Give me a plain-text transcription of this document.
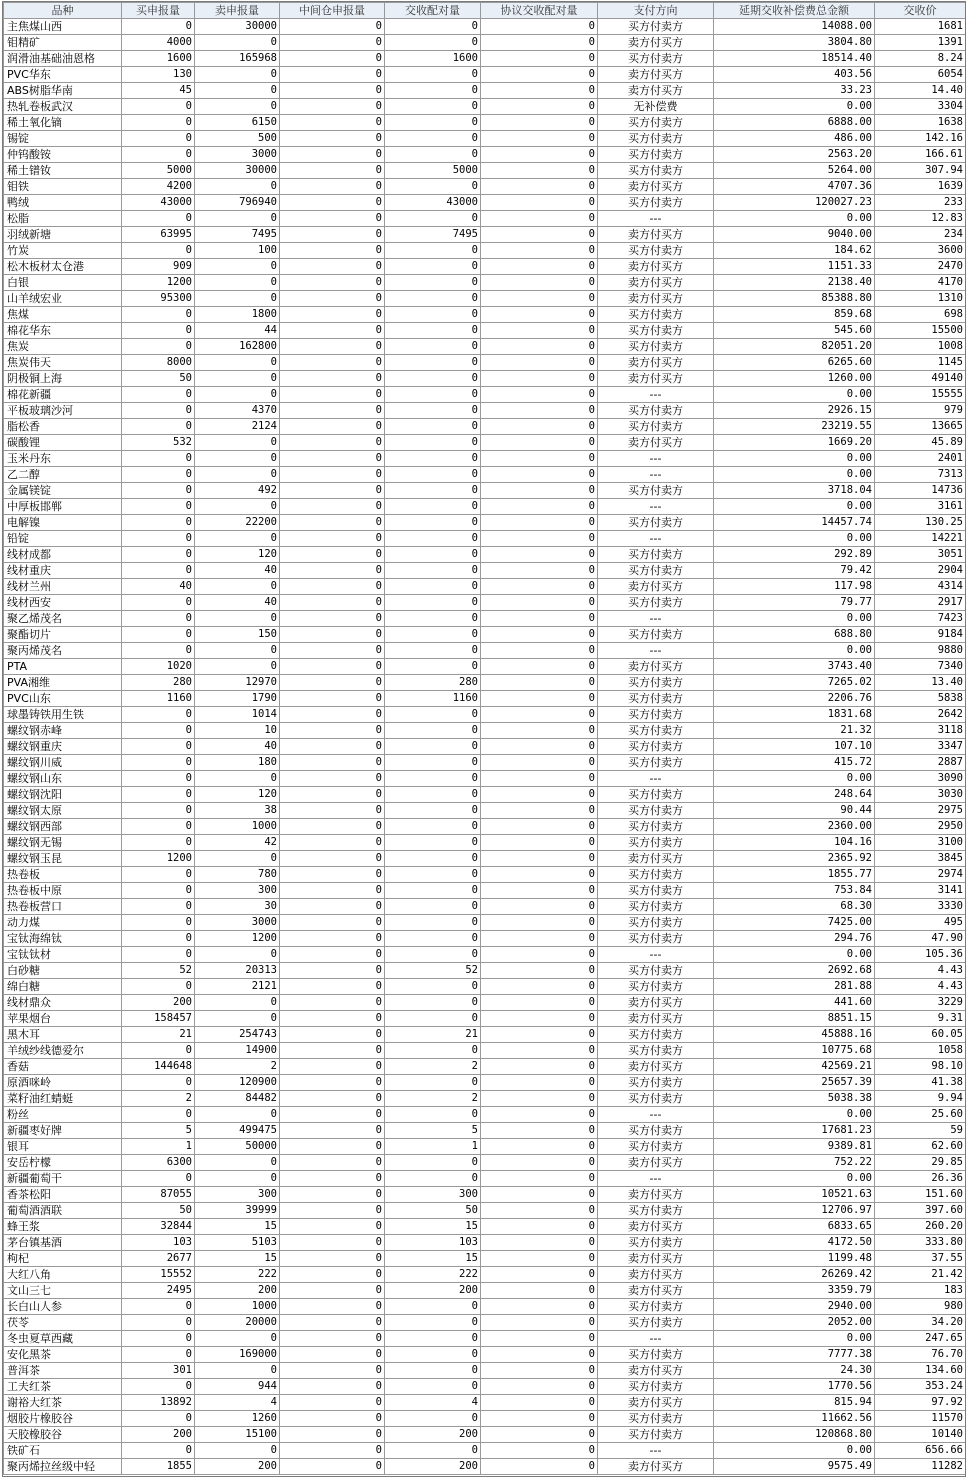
品种	买申报量	卖申报量	中间仓申报量	交收配对量	协议交收配对量	支付方向	延期交收补偿费总金额	交收价
主焦煤山西	0	30000	0	0	0	买方付卖方	14088.00	1681
钼精矿	4000	0	0	0	0	卖方付买方	3804.80	1391
润滑油基础油恩格	1600	165968	0	1600	0	买方付卖方	18514.40	8.24
PVC华东	130	0	0	0	0	卖方付买方	403.56	6054
ABS树脂华南	45	0	0	0	0	卖方付买方	33.23	14.40
热轧卷板武汉	0	0	0	0	0	无补偿费	0.00	3304
稀土氧化镝	0	6150	0	0	0	买方付卖方	6888.00	1638
锡锭	0	500	0	0	0	买方付卖方	486.00	142.16
仲钨酸铵	0	3000	0	0	0	买方付卖方	2563.20	166.61
稀土镨钕	5000	30000	0	5000	0	买方付卖方	5264.00	307.94
钼铁	4200	0	0	0	0	卖方付买方	4707.36	1639
鸭绒	43000	796940	0	43000	0	买方付卖方	120027.23	233
松脂	0	0	0	0	0	---	0.00	12.83
羽绒新塘	63995	7495	0	7495	0	卖方付买方	9040.00	234
竹炭	0	100	0	0	0	买方付卖方	184.62	3600
松木板材太仓港	909	0	0	0	0	卖方付买方	1151.33	2470
白银	1200	0	0	0	0	卖方付买方	2138.40	4170
山羊绒宏业	95300	0	0	0	0	卖方付买方	85388.80	1310
焦煤	0	1800	0	0	0	买方付卖方	859.68	698
棉花华东	0	44	0	0	0	买方付卖方	545.60	15500
焦炭	0	162800	0	0	0	买方付卖方	82051.20	1008
焦炭伟天	8000	0	0	0	0	卖方付买方	6265.60	1145
阴极铜上海	50	0	0	0	0	卖方付买方	1260.00	49140
棉花新疆	0	0	0	0	0	---	0.00	15555
平板玻璃沙河	0	4370	0	0	0	买方付卖方	2926.15	979
脂松香	0	2124	0	0	0	买方付卖方	23219.55	13665
碳酸锂	532	0	0	0	0	卖方付买方	1669.20	45.89
玉米丹东	0	0	0	0	0	---	0.00	2401
乙二醇	0	0	0	0	0	---	0.00	7313
金属镁锭	0	492	0	0	0	买方付卖方	3718.04	14736
中厚板邯郸	0	0	0	0	0	---	0.00	3161
电解镍	0	22200	0	0	0	买方付卖方	14457.74	130.25
铅锭	0	0	0	0	0	---	0.00	14221
线材成都	0	120	0	0	0	买方付卖方	292.89	3051
线材重庆	0	40	0	0	0	买方付卖方	79.42	2904
线材兰州	40	0	0	0	0	卖方付买方	117.98	4314
线材西安	0	40	0	0	0	买方付卖方	79.77	2917
聚乙烯茂名	0	0	0	0	0	---	0.00	7423
聚酯切片	0	150	0	0	0	买方付卖方	688.80	9184
聚丙烯茂名	0	0	0	0	0	---	0.00	9880
PTA	1020	0	0	0	0	卖方付买方	3743.40	7340
PVA湘维	280	12970	0	280	0	买方付卖方	7265.02	13.40
PVC山东	1160	1790	0	1160	0	买方付卖方	2206.76	5838
球墨铸铁用生铁	0	1014	0	0	0	买方付卖方	1831.68	2642
螺纹钢赤峰	0	10	0	0	0	买方付卖方	21.32	3118
螺纹钢重庆	0	40	0	0	0	买方付卖方	107.10	3347
螺纹钢川威	0	180	0	0	0	买方付卖方	415.72	2887
螺纹钢山东	0	0	0	0	0	---	0.00	3090
螺纹钢沈阳	0	120	0	0	0	买方付卖方	248.64	3030
螺纹钢太原	0	38	0	0	0	买方付卖方	90.44	2975
螺纹钢西部	0	1000	0	0	0	买方付卖方	2360.00	2950
螺纹钢无锡	0	42	0	0	0	买方付卖方	104.16	3100
螺纹钢玉昆	1200	0	0	0	0	卖方付买方	2365.92	3845
热卷板	0	780	0	0	0	买方付卖方	1855.77	2974
热卷板中原	0	300	0	0	0	买方付卖方	753.84	3141
热卷板营口	0	30	0	0	0	买方付卖方	68.30	3330
动力煤	0	3000	0	0	0	买方付卖方	7425.00	495
宝钛海绵钛	0	1200	0	0	0	买方付卖方	294.76	47.90
宝钛钛材	0	0	0	0	0	---	0.00	105.36
白砂糖	52	20313	0	52	0	买方付卖方	2692.68	4.43
绵白糖	0	2121	0	0	0	买方付卖方	281.88	4.43
线材鼎众	200	0	0	0	0	卖方付买方	441.60	3229
苹果烟台	158457	0	0	0	0	卖方付买方	8851.15	9.31
黑木耳	21	254743	0	21	0	买方付卖方	45888.16	60.05
羊绒纱线德爱尔	0	14900	0	0	0	买方付卖方	10775.68	1058
香菇	144648	2	0	2	0	卖方付买方	42569.21	98.10
原酒咪岭	0	120900	0	0	0	买方付卖方	25657.39	41.38
菜籽油红蜻蜓	2	84482	0	2	0	买方付卖方	5038.38	9.94
粉丝	0	0	0	0	0	---	0.00	25.60
新疆枣好牌	5	499475	0	5	0	买方付卖方	17681.23	59
银耳	1	50000	0	1	0	买方付卖方	9389.81	62.60
安岳柠檬	6300	0	0	0	0	卖方付买方	752.22	29.85
新疆葡萄干	0	0	0	0	0	---	0.00	26.36
香茶松阳	87055	300	0	300	0	卖方付买方	10521.63	151.60
葡萄酒酒联	50	39999	0	50	0	买方付卖方	12706.97	397.60
蜂王浆	32844	15	0	15	0	卖方付买方	6833.65	260.20
茅台镇基酒	103	5103	0	103	0	买方付卖方	4172.50	333.80
枸杞	2677	15	0	15	0	卖方付买方	1199.48	37.55
大红八角	15552	222	0	222	0	卖方付买方	26269.42	21.42
文山三七	2495	200	0	200	0	卖方付买方	3359.79	183
长白山人参	0	1000	0	0	0	买方付卖方	2940.00	980
茯苓	0	20000	0	0	0	买方付卖方	2052.00	34.20
冬虫夏草西藏	0	0	0	0	0	---	0.00	247.65
安化黑茶	0	169000	0	0	0	买方付卖方	7777.38	76.70
普洱茶	301	0	0	0	0	卖方付买方	24.30	134.60
工夫红茶	0	944	0	0	0	买方付卖方	1770.56	353.24
谢裕大红茶	13892	4	0	4	0	卖方付买方	815.94	97.92
烟胶片橡胶谷	0	1260	0	0	0	买方付卖方	11662.56	11570
天胶橡胶谷	200	15100	0	200	0	买方付卖方	120868.80	10140
铁矿石	0	0	0	0	0	---	0.00	656.66
聚丙烯拉丝级中轻	1855	200	0	200	0	卖方付买方	9575.49	11282
